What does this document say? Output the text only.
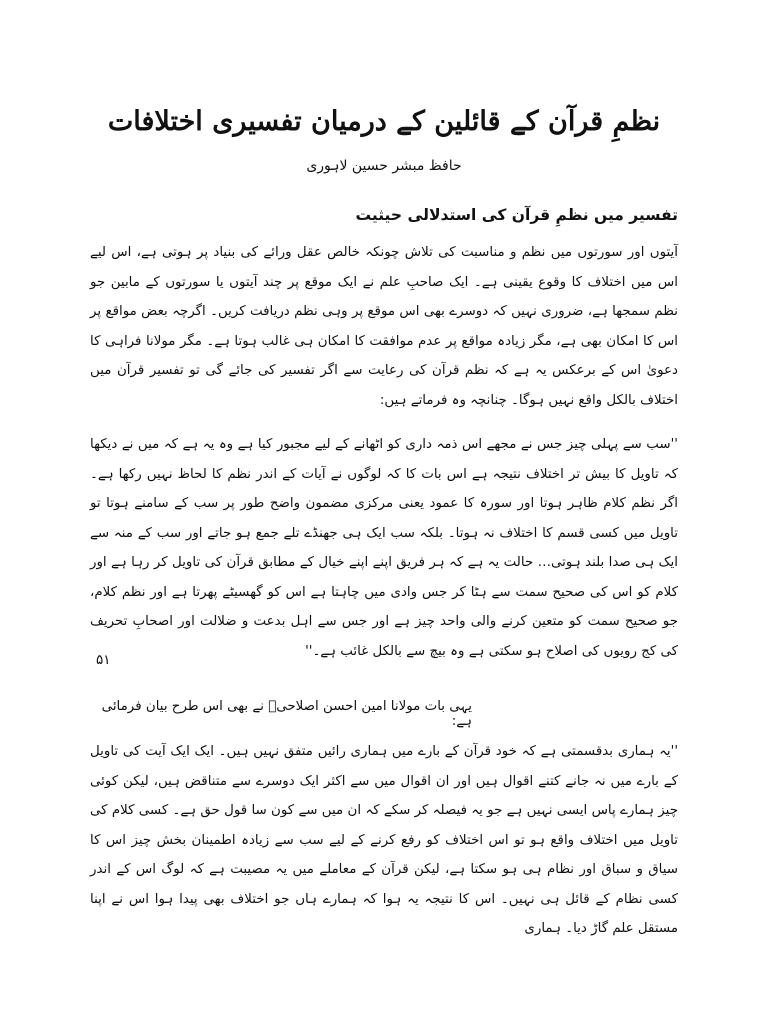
نظمِ قرآن کے قائلین کے درمیان تفسیری اختلافات

حافظ مبشر حسین لاہوری

تفسیر میں نظمِ قرآن کی استدلالی حیثیت

آیتوں اور سورتوں میں نظم و مناسبت کی تلاش چونکہ خالص عقل ورائے کی بنیاد پر ہوتی ہے، اس لیے اس میں اختلاف کا وقوع یقینی ہے۔ ایک صاحبِ علم نے ایک موقع پر چند آیتوں یا سورتوں کے مابین جو نظم سمجھا ہے، ضروری نہیں کہ دوسرے بھی اس موقع پر وہی نظم دریافت کریں۔ اگرچہ بعض مواقع پر اس کا امکان بھی ہے، مگر زیادہ مواقع پر عدم موافقت کا امکان ہی غالب ہوتا ہے۔ مگر مولانا فراہی کا دعویٰ اس کے برعکس یہ ہے کہ نظم قرآن کی رعایت سے اگر تفسیر کی جائے گی تو تفسیر قرآن میں اختلاف بالکل واقع نہیں ہوگا۔ چنانچہ وہ فرماتے ہیں:

''سب سے پہلی چیز جس نے مجھے اس ذمہ داری کو اٹھانے کے لیے مجبور کیا ہے وہ یہ ہے کہ میں نے دیکھا کہ تاویل کا بیش تر اختلاف نتیجہ ہے اس بات کا کہ لوگوں نے آیات کے اندر نظم کا لحاظ نہیں رکھا ہے۔ اگر نظم کلام ظاہر ہوتا اور سورہ کا عمود یعنی مرکزی مضمون واضح طور پر سب کے سامنے ہوتا تو تاویل میں کسی قسم کا اختلاف نہ ہوتا۔ بلکہ سب ایک ہی جھنڈے تلے جمع ہو جاتے اور سب کے منہ سے ایک ہی صدا بلند ہوتی… حالت یہ ہے کہ ہر فریق اپنے اپنے خیال کے مطابق قرآن کی تاویل کر رہا ہے اور کلام کو اس کی صحیح سمت سے ہٹا کر جس وادی میں چاہتا ہے اس کو گھسیٹے پھرتا ہے اور نظم کلام، جو صحیح سمت کو متعین کرنے والی واحد چیز ہے اور جس سے اہل بدعت و ضلالت اور اصحابِ تحریف کی کج رویوں کی اصلاح ہو سکتی ہے وہ بیچ سے بالکل غائب ہے۔''

۵۱

یہی بات مولانا امین احسن اصلاحیؒ نے بھی اس طرح بیان فرمائی ہے:

''یہ ہماری بدقسمتی ہے کہ خود قرآن کے بارے میں ہماری رائیں متفق نہیں ہیں۔ ایک ایک آیت کی تاویل کے بارے میں نہ جانے کتنے اقوال ہیں اور ان اقوال میں سے اکثر ایک دوسرے سے متناقض ہیں، لیکن کوئی چیز ہمارے پاس ایسی نہیں ہے جو یہ فیصلہ کر سکے کہ ان میں سے کون سا قول حق ہے۔ کسی کلام کی تاویل میں اختلاف واقع ہو تو اس اختلاف کو رفع کرنے کے لیے سب سے زیادہ اطمینان بخش چیز اس کا سیاق و سباق اور نظام ہی ہو سکتا ہے، لیکن قرآن کے معاملے میں یہ مصیبت ہے کہ لوگ اس کے اندر کسی نظام کے قائل ہی نہیں۔ اس کا نتیجہ یہ ہوا کہ ہمارے ہاں جو اختلاف بھی پیدا ہوا اس نے اپنا مستقل علم گاڑ دیا۔ ہماری
